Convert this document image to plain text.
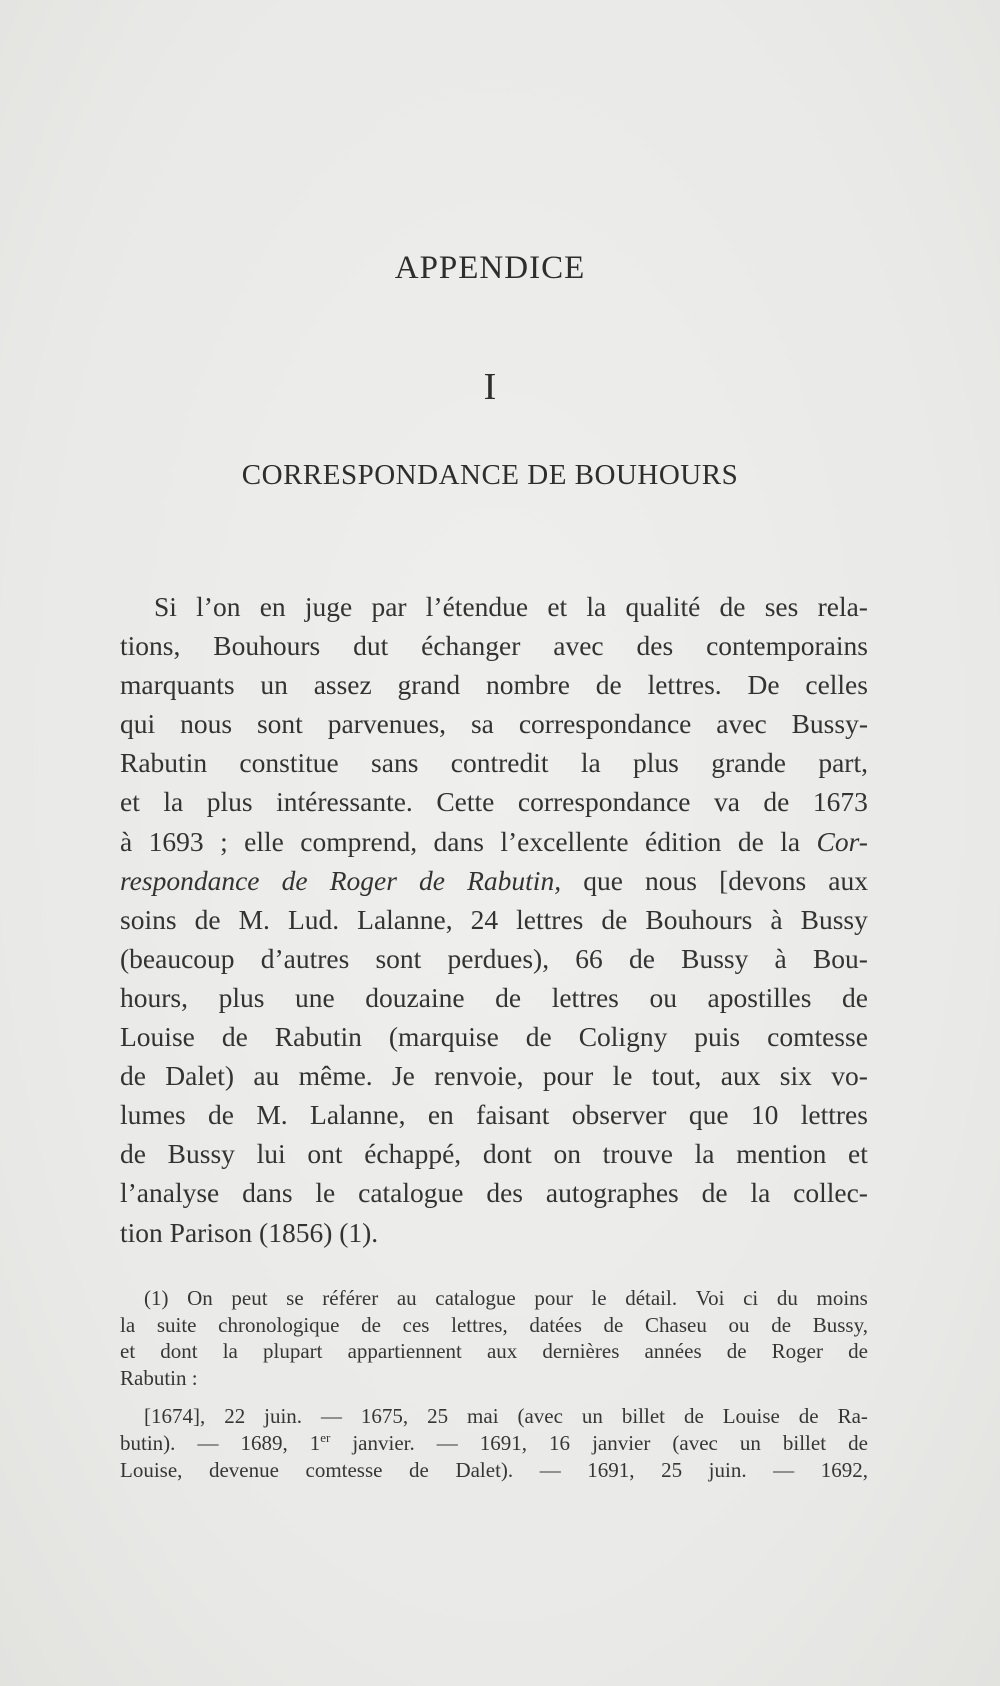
APPENDICE
I
CORRESPONDANCE DE BOUHOURS
Si l’on en juge par l’étendue et la qualité de ses rela-
tions, Bouhours dut échanger avec des contemporains
marquants un assez grand nombre de lettres. De celles
qui nous sont parvenues, sa correspondance avec Bussy-
Rabutin constitue sans contredit la plus grande part,
et la plus intéressante. Cette correspondance va de 1673
à 1693 ; elle comprend, dans l’excellente édition de la Cor-
respondance de Roger de Rabutin, que nous [devons aux
soins de M. Lud. Lalanne, 24 lettres de Bouhours à Bussy
(beaucoup d’autres sont perdues), 66 de Bussy à Bou-
hours, plus une douzaine de lettres ou apostilles de
Louise de Rabutin (marquise de Coligny puis comtesse
de Dalet) au même. Je renvoie, pour le tout, aux six vo-
lumes de M. Lalanne, en faisant observer que 10 lettres
de Bussy lui ont échappé, dont on trouve la mention et
l’analyse dans le catalogue des autographes de la collec-
tion Parison (1856) (1).
(1) On peut se référer au catalogue pour le détail. Voi ci du moins
la suite chronologique de ces lettres, datées de Chaseu ou de Bussy,
et dont la plupart appartiennent aux dernières années de Roger de
Rabutin :
[1674], 22 juin. — 1675, 25 mai (avec un billet de Louise de Ra-
butin). — 1689, 1er janvier. — 1691, 16 janvier (avec un billet de
Louise, devenue comtesse de Dalet). — 1691, 25 juin. — 1692,
